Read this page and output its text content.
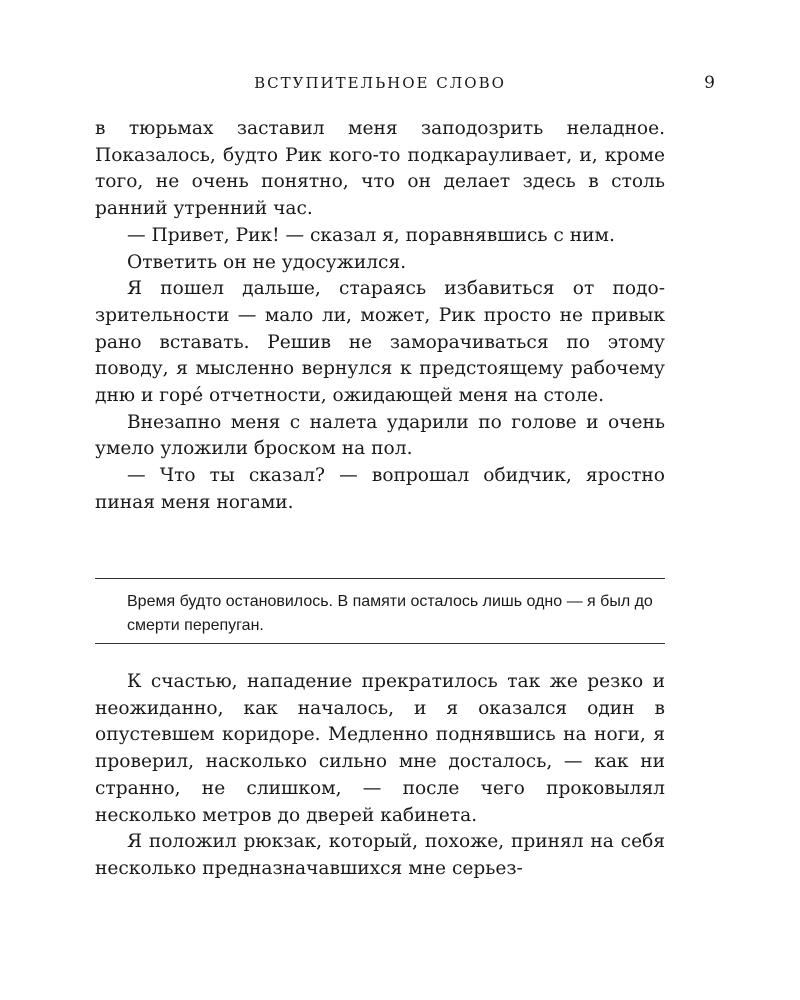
ВСТУПИТЕЛЬНОЕ СЛОВО	9

в тюрьмах заставил меня заподозрить неладное. Показалось, будто Рик кого-то подкарауливает, и, кроме того, не очень понятно, что он делает здесь в столь ранний утренний час.

— Привет, Рик! — сказал я, поравнявшись с ним.

Ответить он не удосужился.

Я пошел дальше, стараясь избавиться от подозрительности — мало ли, может, Рик просто не привык рано вставать. Решив не заморачиваться по этому поводу, я мысленно вернулся к предстоящему рабочему дню и горé отчетности, ожидающей меня на столе.

Внезапно меня с налета ударили по голове и очень умело уложили броском на пол.

— Что ты сказал? — вопрошал обидчик, яростно пиная меня ногами.

Время будто остановилось. В памяти осталось лишь одно — я был до смерти перепуган.

К счастью, нападение прекратилось так же резко и неожиданно, как началось, и я оказался один в опустевшем коридоре. Медленно поднявшись на ноги, я проверил, насколько сильно мне досталось, — как ни странно, не слишком, — после чего проковылял несколько метров до дверей кабинета.

Я положил рюкзак, который, похоже, принял на себя несколько предназначавшихся мне серьез-
